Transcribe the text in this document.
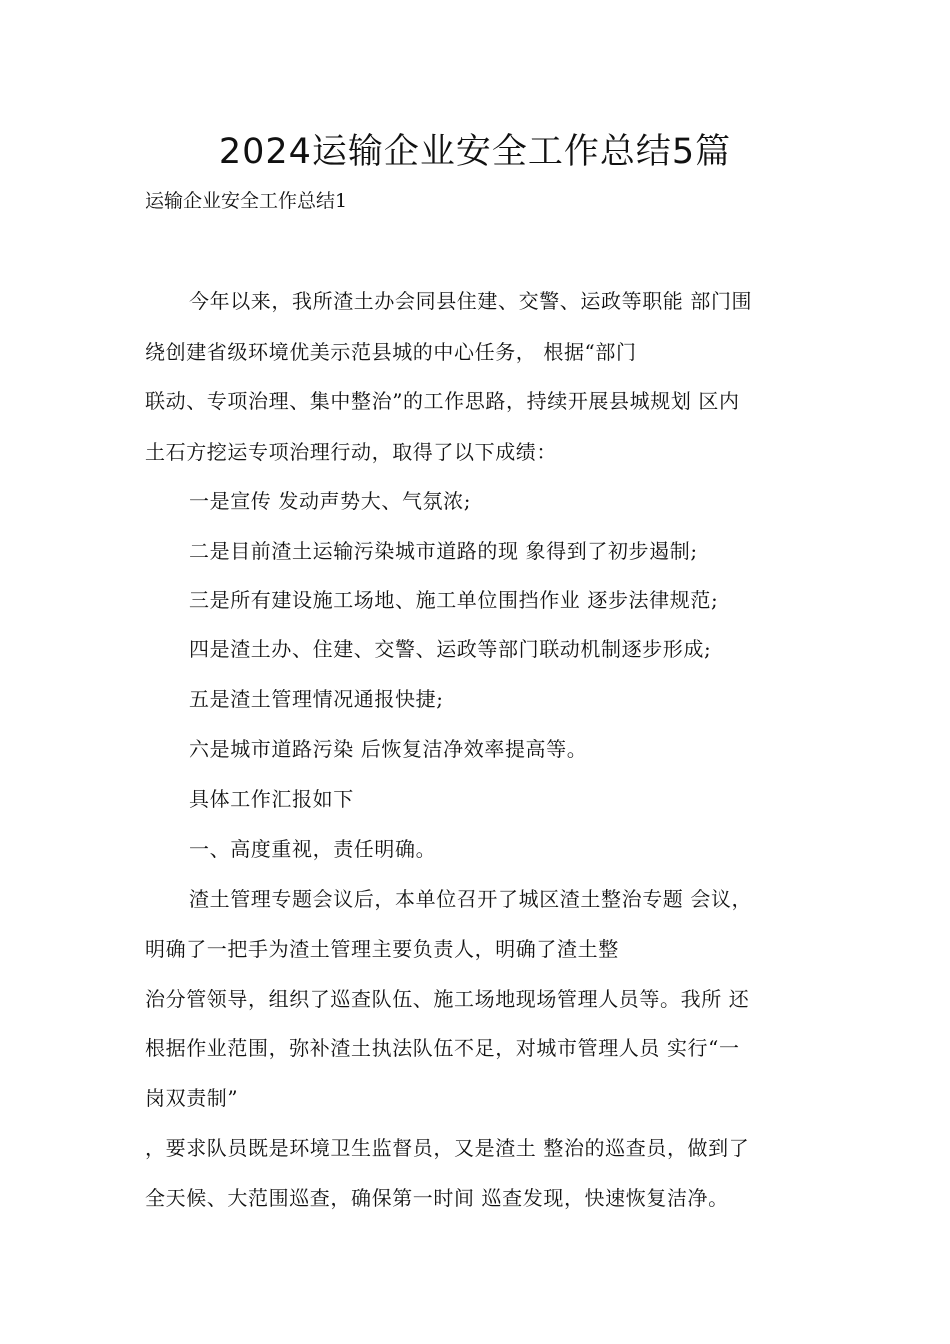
2024运输企业安全工作总结5篇
运输企业安全工作总结1
今年以来，我所渣土办会同县住建、交警、运政等职能 部门围
绕创建省级环境优美示范县城的中心任务， 根据“部门
联动、专项治理、集中整治”的工作思路，持续开展县城规划 区内
土石方挖运专项治理行动，取得了以下成绩：
一是宣传 发动声势大、气氛浓;
二是目前渣土运输污染城市道路的现 象得到了初步遏制;
三是所有建设施工场地、施工单位围挡作业 逐步法律规范;
四是渣土办、住建、交警、运政等部门联动机制逐步形成;
五是渣土管理情况通报快捷;
六是城市道路污染 后恢复洁净效率提高等。
具体工作汇报如下
一、高度重视，责任明确。
渣土管理专题会议后，本单位召开了城区渣土整治专题 会议，
明确了一把手为渣土管理主要负责人，明确了渣土整
治分管领导，组织了巡查队伍、施工场地现场管理人员等。我所 还
根据作业范围，弥补渣土执法队伍不足，对城市管理人员 实行“一
岗双责制”
，要求队员既是环境卫生监督员，又是渣土 整治的巡查员，做到了
全天候、大范围巡查，确保第一时间 巡查发现，快速恢复洁净。
